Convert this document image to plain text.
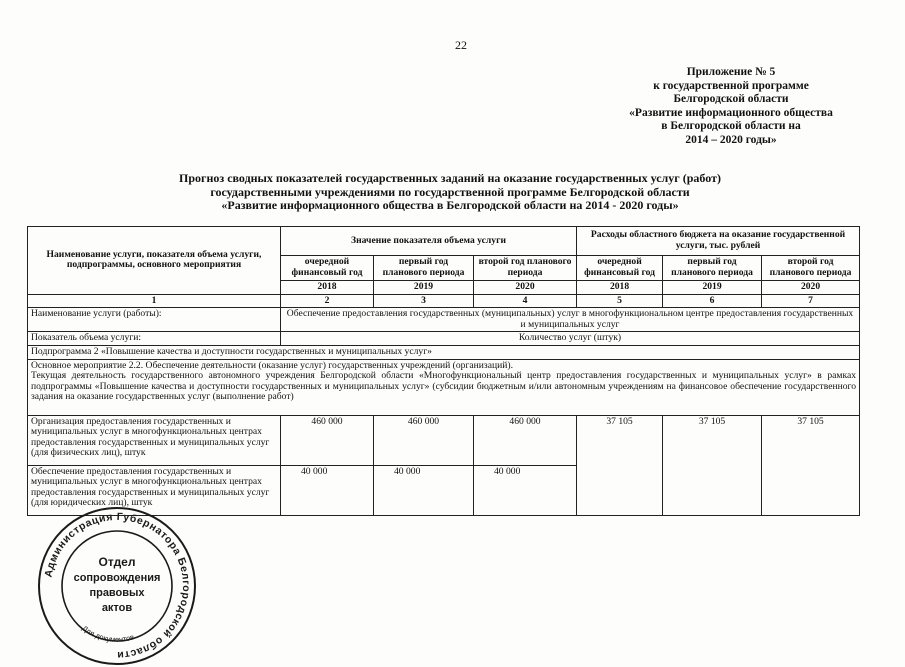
22
Приложение № 5
к государственной программе
Белгородской области
«Развитие информационного общества
в Белгородской области на
2014 – 2020 годы»
Прогноз сводных показателей государственных заданий на оказание государственных услуг (работ)
государственными учреждениями по государственной программе Белгородской области
«Развитие информационного общества в Белгородской области на 2014 - 2020 годы»
Наименование услуги, показателя объема услуги, подпрограммы, основного мероприятия	Значение показателя объема услуги			Расходы областного бюджета на оказание государственной услуги, тыс. рублей		
	очередной финансовый год	первый год планового периода	второй год планового периода	очередной финансовый год	первый год планового периода	второй год планового периода
	2018	2019	2020	2018	2019	2020
1	2	3	4	5	6	7
Наименование услуги (работы):	Обеспечение предоставления государственных (муниципальных) услуг в многофункциональном центре предоставления государственных и муниципальных услуг					
Показатель объема услуги:	Количество услуг (штук)					
Подпрограмма 2 «Повышение качества и доступности государственных и муниципальных услуг»						

Основное мероприятие 2.2. Обеспечение деятельности (оказание услуг) государственных учреждений (организаций).
Текущая деятельность государственного автономного учреждения Белгородской области «Многофункциональный центр предоставления государственных и муниципальных услуг» в рамках подпрограммы «Повышение качества и доступности государственных и муниципальных услуг» (субсидии бюджетным и/или автономным учреждениям на финансовое обеспечение государственного задания на оказание государственных услуг (выполнение работ)						

Организация предоставления государственных и муниципальных услуг в многофункциональных центрах предоставления государственных и муниципальных услуг (для физических лиц), штук	460 000	460 000	460 000	37 105	37 105	37 105
Обеспечение предоставления государственных и муниципальных услуг в многофункциональных центрах предоставления государственных и муниципальных услуг (для юридических лиц), штук	40 000	40 000	40 000			
Администрация Губернатора Белгородской области
Для документов
Отдел
сопровождения
правовых
актов
